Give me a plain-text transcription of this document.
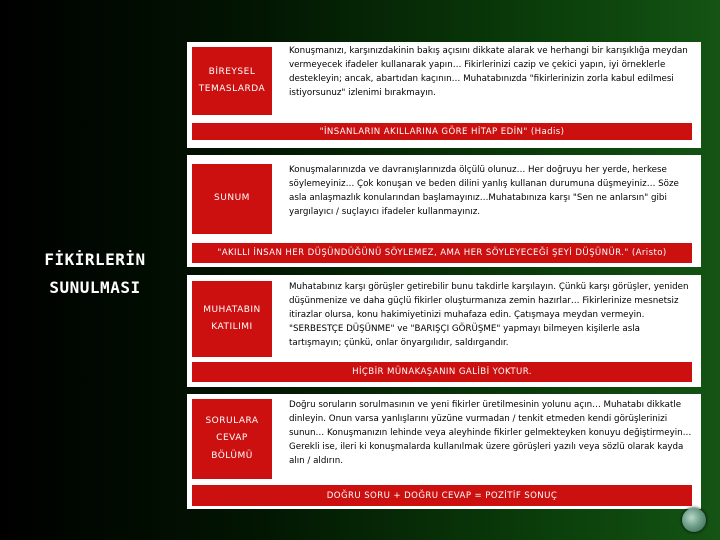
FİKİRLERİN
SUNULMASI
BİREYSEL
TEMASLARDA
Konuşmanızı, karşınızdakinin bakış açısını dikkate alarak ve herhangi bir karışıklığa meydan vermeyecek ifadeler kullanarak yapın… Fikirlerinizi cazip ve çekici yapın, iyi örneklerle destekleyin; ancak, abartıdan kaçının… Muhatabınızda "fikirlerinizin zorla kabul edilmesi istiyorsunuz" izlenimi bırakmayın.
"İNSANLARIN AKILLARINA GÖRE HİTAP EDİN" (Hadis)
SUNUM
Konuşmalarınızda ve davranışlarınızda ölçülü olunuz… Her doğruyu her yerde, herkese söylemeyiniz… Çok konuşan ve beden dilini yanlış kullanan durumuna düşmeyiniz… Söze asla anlaşmazlık konularından başlamayınız…Muhatabınıza karşı "Sen ne anlarsın" gibi yargılayıcı / suçlayıcı ifadeler kullanmayınız.
"AKILLI İNSAN HER DÜŞÜNDÜĞÜNÜ SÖYLEMEZ, AMA HER SÖYLEYECEĞİ ŞEYİ DÜŞÜNÜR." (Aristo)
MUHATABIN
KATILIMI
Muhatabınız karşı görüşler getirebilir bunu takdirle karşılayın. Çünkü karşı görüşler, yeniden düşünmenize ve daha güçlü fikirler oluşturmanıza zemin hazırlar… Fikirlerinize mesnetsiz itirazlar olursa, konu hakimiyetinizi muhafaza edin. Çatışmaya meydan vermeyin. "SERBESTÇE DÜŞÜNME" ve "BARIŞÇI GÖRÜŞME" yapmayı bilmeyen kişilerle asla tartışmayın; çünkü, onlar önyargılıdır, saldırgandır.
HİÇBİR MÜNAKAŞANIN GALİBİ YOKTUR.
SORULARA
CEVAP
BÖLÜMÜ
Doğru soruların sorulmasının ve yeni fikirler üretilmesinin yolunu açın… Muhatabı dikkatle dinleyin. Onun varsa yanlışlarını yüzüne vurmadan / tenkit etmeden kendi görüşlerinizi sunun… Konuşmanızın lehinde veya aleyhinde fikirler gelmekteyken konuyu değiştirmeyin… Gerekli ise, ileri ki konuşmalarda kullanılmak üzere görüşleri yazılı veya sözlü olarak kayda alın / aldırın.
DOĞRU SORU + DOĞRU CEVAP = POZİTİF SONUÇ
